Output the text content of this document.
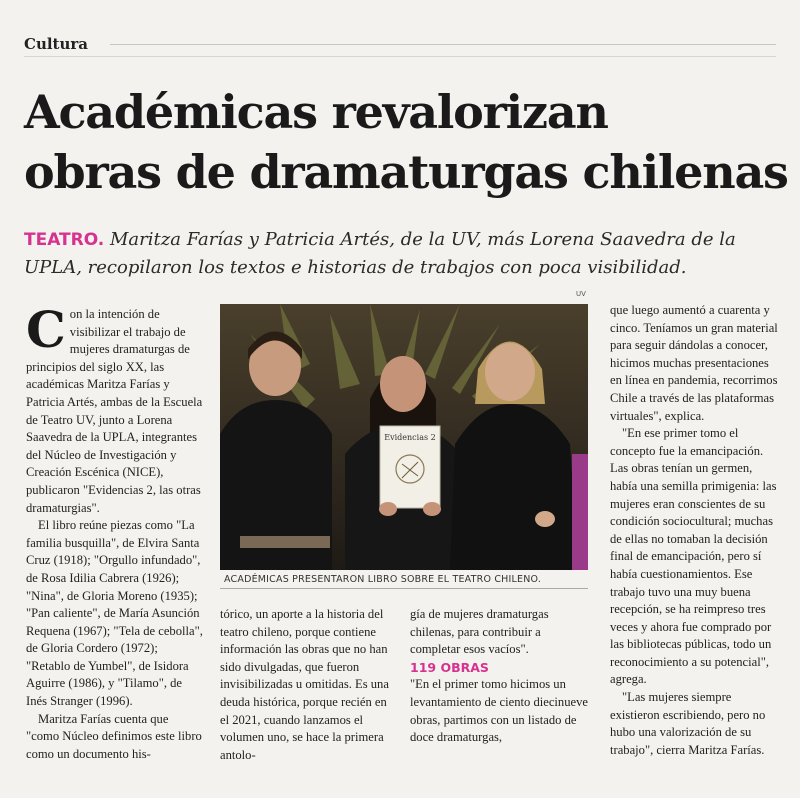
Cultura
Académicas revalorizan
obras de dramaturgas chilenas
TEATRO. Maritza Farías y Patricia Artés, de la UV, más Lorena Saavedra de la UPLA, recopilaron los textos e historias de trabajos con poca visibilidad.

Con la intención de visibilizar el trabajo de mujeres dramaturgas de principios del siglo XX, las académicas Maritza Farías y Patricia Artés, ambas de la Escuela de Teatro UV, junto a Lorena Saavedra de la UPLA, integrantes del Núcleo de Investigación y Creación Escénica (NICE), publicaron "Evidencias 2, las otras dramaturgias".

El libro reúne piezas como "La familia busquilla", de Elvira Santa Cruz (1918); "Orgullo infundado", de Rosa Idilia Cabrera (1926); "Nina", de Gloria Moreno (1935); "Pan caliente", de María Asunción Requena (1967); "Tela de cebolla", de Gloria Cordero (1972); "Retablo de Yumbel", de Isidora Aguirre (1986), y "Tilamo", de Inés Stranger (1996).

Maritza Farías cuenta que "como Núcleo definimos este libro como un documento his-

UV
Evidencias 2
ACADÉMICAS PRESENTARON LIBRO SOBRE EL TEATRO CHILENO.

tórico, un aporte a la historia del teatro chileno, porque contiene información las obras que no han sido divulgadas, que fueron invisibilizadas u omitidas. Es una deuda histórica, porque recién en el 2021, cuando lanzamos el volumen uno, se hace la primera antolo-

gía de mujeres dramaturgas chilenas, para contribuir a completar esos vacíos".

119 OBRAS

"En el primer tomo hicimos un levantamiento de ciento diecinueve obras, partimos con un listado de doce dramaturgas,

que luego aumentó a cuarenta y cinco. Teníamos un gran material para seguir dándolas a conocer, hicimos muchas presentaciones en línea en pandemia, recorrimos Chile a través de las plataformas virtuales", explica.

"En ese primer tomo el concepto fue la emancipación. Las obras tenían un germen, había una semilla primigenia: las mujeres eran conscientes de su condición sociocultural; muchas de ellas no tomaban la decisión final de emancipación, pero sí había cuestionamientos. Ese trabajo tuvo una muy buena recepción, se ha reimpreso tres veces y ahora fue comprado por las bibliotecas públicas, todo un reconocimiento a su potencial", agrega.

"Las mujeres siempre existieron escribiendo, pero no hubo una valorización de su trabajo", cierra Maritza Farías.
